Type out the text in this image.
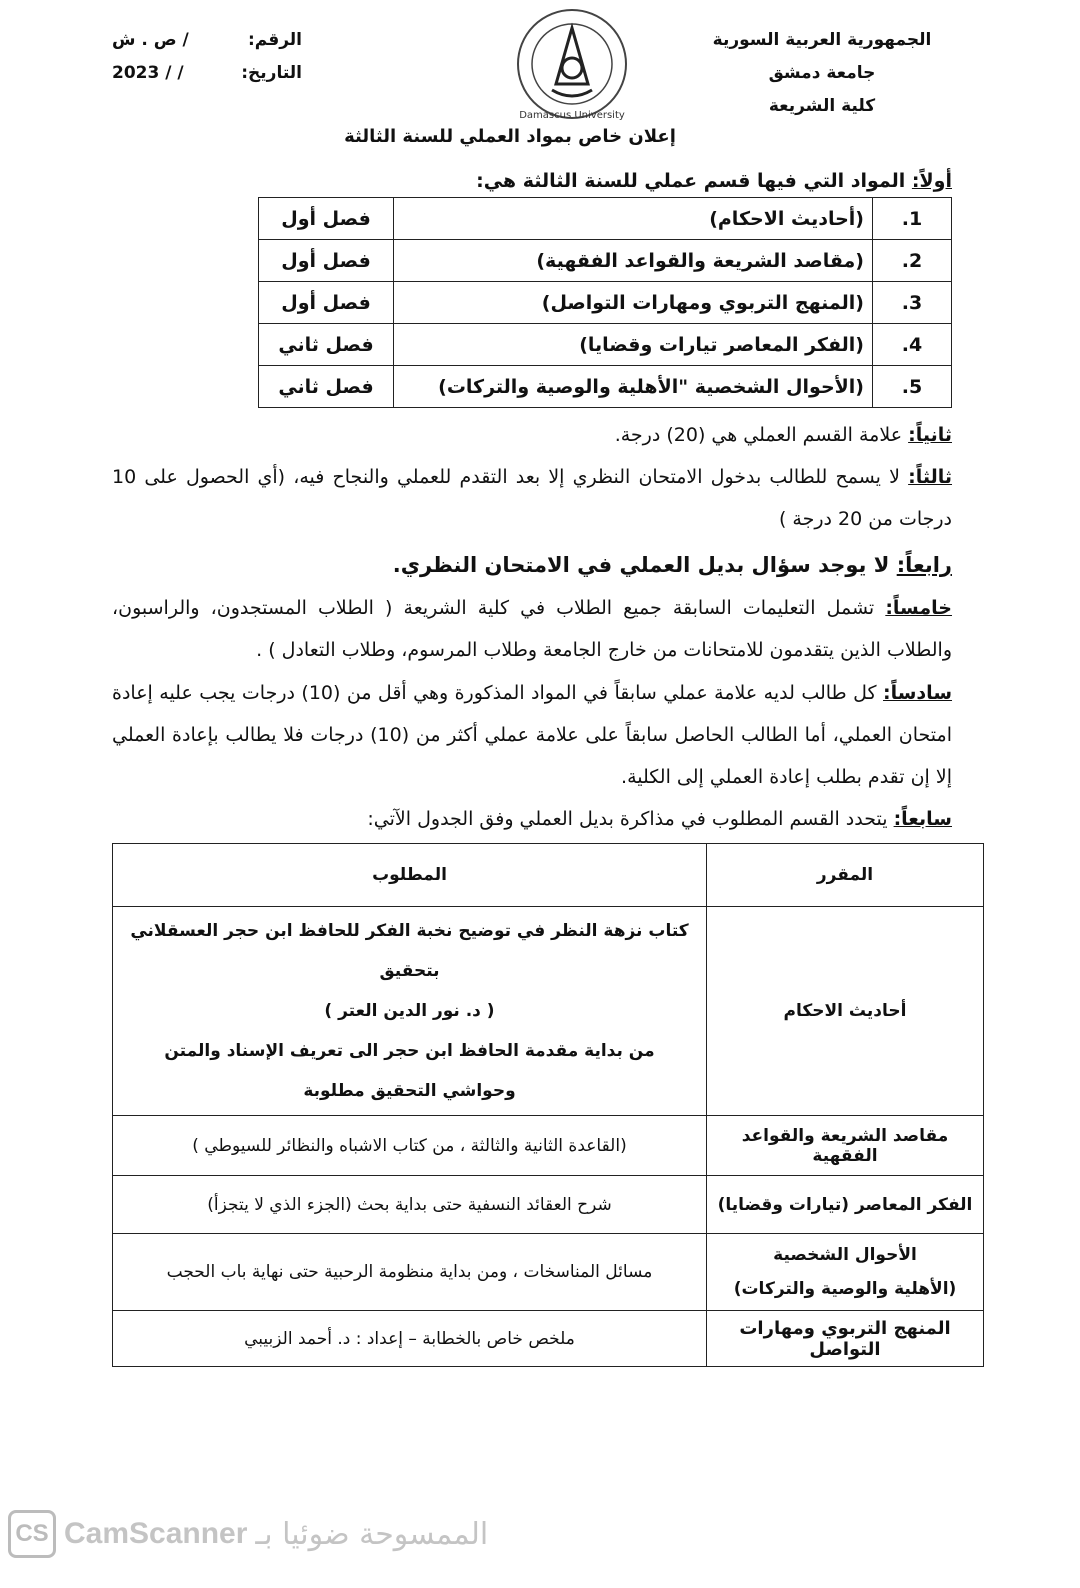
الجمهورية العربية السورية
جامعة دمشق
كلية الشريعة
Damascus University
الرقم:
/ ص . ش
التاريخ:
/ / 2023
إعلان خاص بمواد العملي للسنة الثالثة
أولاً: المواد التي فيها قسم عملي للسنة الثالثة هي:
1.	(أحاديث الاحكام)	فصل أول
2.	(مقاصد الشريعة والقواعد الفقهية)	فصل أول
3.	(المنهج التربوي ومهارات التواصل)	فصل أول
4.	(الفكر المعاصر تيارات وقضايا)	فصل ثاني
5.	(الأحوال الشخصية "الأهلية والوصية والتركات)	فصل ثاني
ثانياً: علامة القسم العملي هي (20) درجة.
ثالثاً: لا يسمح للطالب بدخول الامتحان النظري إلا بعد التقدم للعملي والنجاح فيه، (أي الحصول على 10 درجات من 20 درجة )
رابعاً: لا يوجد سؤال بديل العملي في الامتحان النظري.
خامساً: تشمل التعليمات السابقة جميع الطلاب في كلية الشريعة ( الطلاب المستجدون، والراسبون، والطلاب الذين يتقدمون للامتحانات من خارج الجامعة وطلاب المرسوم، وطلاب التعادل ) .
سادساً: كل طالب لديه علامة عملي سابقاً في المواد المذكورة وهي أقل من (10) درجات يجب عليه إعادة امتحان العملي، أما الطالب الحاصل سابقاً على علامة عملي أكثر من (10) درجات فلا يطالب بإعادة العملي إلا إن تقدم بطلب إعادة العملي إلى الكلية.
سابعاً: يتحدد القسم المطلوب في مذاكرة بديل العملي وفق الجدول الآتي:
المقرر	المطلوب
أحاديث الاحكام	كتاب نزهة النظر في توضيح نخبة الفكر للحافظ ابن حجر العسقلاني بتحقيق
( د. نور الدين العتر )
من بداية مقدمة الحافظ ابن حجر الى تعريف الإسناد والمتن
وحواشي التحقيق مطلوبة

مقاصد الشريعة والقواعد الفقهية	(القاعدة الثانية والثالثة ، من كتاب الاشباه والنظائر للسيوطي )
الفكر المعاصر (تيارات وقضايا)	شرح العقائد النسفية حتى بداية بحث (الجزء الذي لا يتجزأ)
الأحوال الشخصية
(الأهلية والوصية والتركات)	مسائل المناسخات ، ومن بداية منظومة الرحبية حتى نهاية باب الحجب
المنهج التربوي ومهارات التواصل	ملخص خاص بالخطابة – إعداد : د. أحمد الزبيبي
CS CamScanner الممسوحة ضوئيا بـ
